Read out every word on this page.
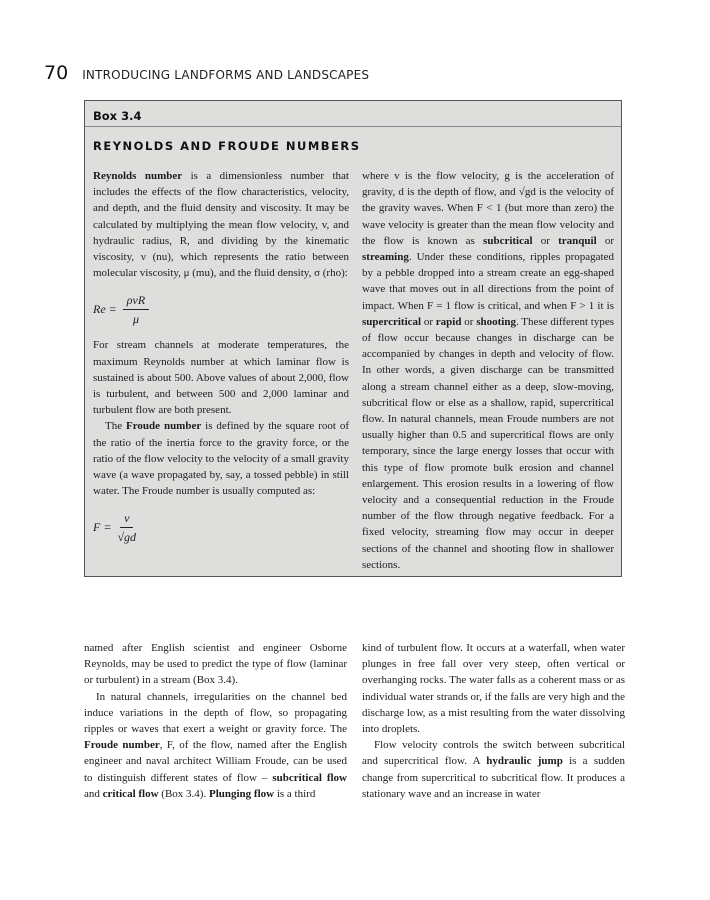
70 INTRODUCING LANDFORMS AND LANDSCAPES
Box 3.4
REYNOLDS AND FROUDE NUMBERS

Reynolds number is a dimensionless number that includes the effects of the flow characteristics, velocity, and depth, and the fluid density and viscosity. It may be calculated by multiplying the mean flow velocity, v, and hydraulic radius, R, and dividing by the kinematic viscosity, ν (nu), which represents the ratio between molecular viscosity, μ (mu), and the fluid density, σ (rho):

$Re = \frac{\text{ρνR}}{\mu}$

For stream channels at moderate temperatures, the maximum Reynolds number at which laminar flow is sustained is about 500. Above values of about 2,000, flow is turbulent, and between 500 and 2,000 laminar and turbulent flow are both present.

The Froude number is defined by the square root of the ratio of the inertia force to the gravity force, or the ratio of the flow velocity to the velocity of a small gravity wave (a wave propagated by, say, a tossed pebble) in still water. The Froude number is usually computed as:

$F = \frac{v}{√gd}$

where v is the flow velocity, g is the acceleration of gravity, d is the depth of flow, and √gd is the velocity of the gravity waves. When F < 1 (but more than zero) the wave velocity is greater than the mean flow velocity and the flow is known as subcritical or tranquil or streaming. Under these conditions, ripples propagated by a pebble dropped into a stream create an egg-shaped wave that moves out in all directions from the point of impact. When F = 1 flow is critical, and when F > 1 it is supercritical or rapid or shooting. These different types of flow occur because changes in discharge can be accompanied by changes in depth and velocity of flow. In other words, a given discharge can be transmitted along a stream channel either as a deep, slow-moving, subcritical flow or else as a shallow, rapid, supercritical flow. In natural channels, mean Froude numbers are not usually higher than 0.5 and supercritical flows are only temporary, since the large energy losses that occur with this type of flow promote bulk erosion and channel enlargement. This erosion results in a lowering of flow velocity and a consequential reduction in the Froude number of the flow through negative feedback. For a fixed velocity, streaming flow may occur in deeper sections of the channel and shooting flow in shallower sections.

named after English scientist and engineer Osborne Reynolds, may be used to predict the type of flow (laminar or turbulent) in a stream (Box 3.4).

In natural channels, irregularities on the channel bed induce variations in the depth of flow, so propagating ripples or waves that exert a weight or gravity force. The Froude number, F, of the flow, named after the English engineer and naval architect William Froude, can be used to distinguish different states of flow – subcritical flow and critical flow (Box 3.4). Plunging flow is a third

kind of turbulent flow. It occurs at a waterfall, when water plunges in free fall over very steep, often vertical or overhanging rocks. The water falls as a coherent mass or as individual water strands or, if the falls are very high and the discharge low, as a mist resulting from the water dissolving into droplets.

Flow velocity controls the switch between subcritical and supercritical flow. A hydraulic jump is a sudden change from supercritical to subcritical flow. It produces a stationary wave and an increase in water
